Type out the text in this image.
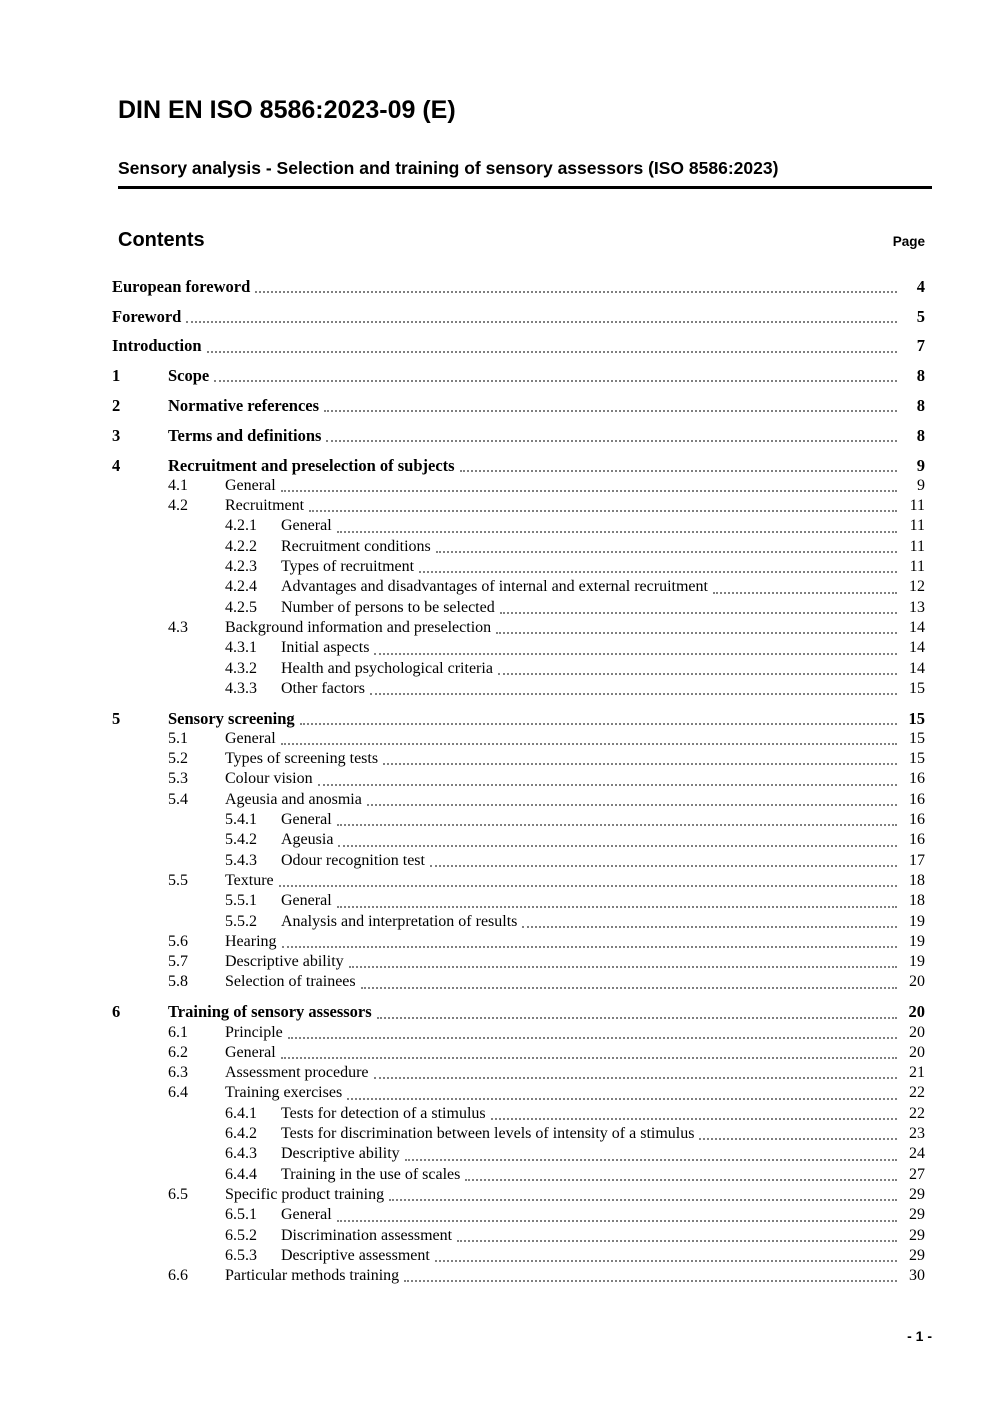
DIN EN ISO 8586:2023-09 (E)
Sensory analysis - Selection and training of sensory assessors (ISO 8586:2023)
Contents	Page
European foreword	4
Foreword	5
Introduction	7
1	Scope	8
2	Normative references	8
3	Terms and definitions	8
4	Recruitment and preselection of subjects	9
4.1	General	9
4.2	Recruitment	11
4.2.1	General	11
4.2.2	Recruitment conditions	11
4.2.3	Types of recruitment	11
4.2.4	Advantages and disadvantages of internal and external recruitment	12
4.2.5	Number of persons to be selected	13
4.3	Background information and preselection	14
4.3.1	Initial aspects	14
4.3.2	Health and psychological criteria	14
4.3.3	Other factors	15
5	Sensory screening	15
5.1	General	15
5.2	Types of screening tests	15
5.3	Colour vision	16
5.4	Ageusia and anosmia	16
5.4.1	General	16
5.4.2	Ageusia	16
5.4.3	Odour recognition test	17
5.5	Texture	18
5.5.1	General	18
5.5.2	Analysis and interpretation of results	19
5.6	Hearing	19
5.7	Descriptive ability	19
5.8	Selection of trainees	20
6	Training of sensory assessors	20
6.1	Principle	20
6.2	General	20
6.3	Assessment procedure	21
6.4	Training exercises	22
6.4.1	Tests for detection of a stimulus	22
6.4.2	Tests for discrimination between levels of intensity of a stimulus	23
6.4.3	Descriptive ability	24
6.4.4	Training in the use of scales	27
6.5	Specific product training	29
6.5.1	General	29
6.5.2	Discrimination assessment	29
6.5.3	Descriptive assessment	29
6.6	Particular methods training	30
- 1 -
